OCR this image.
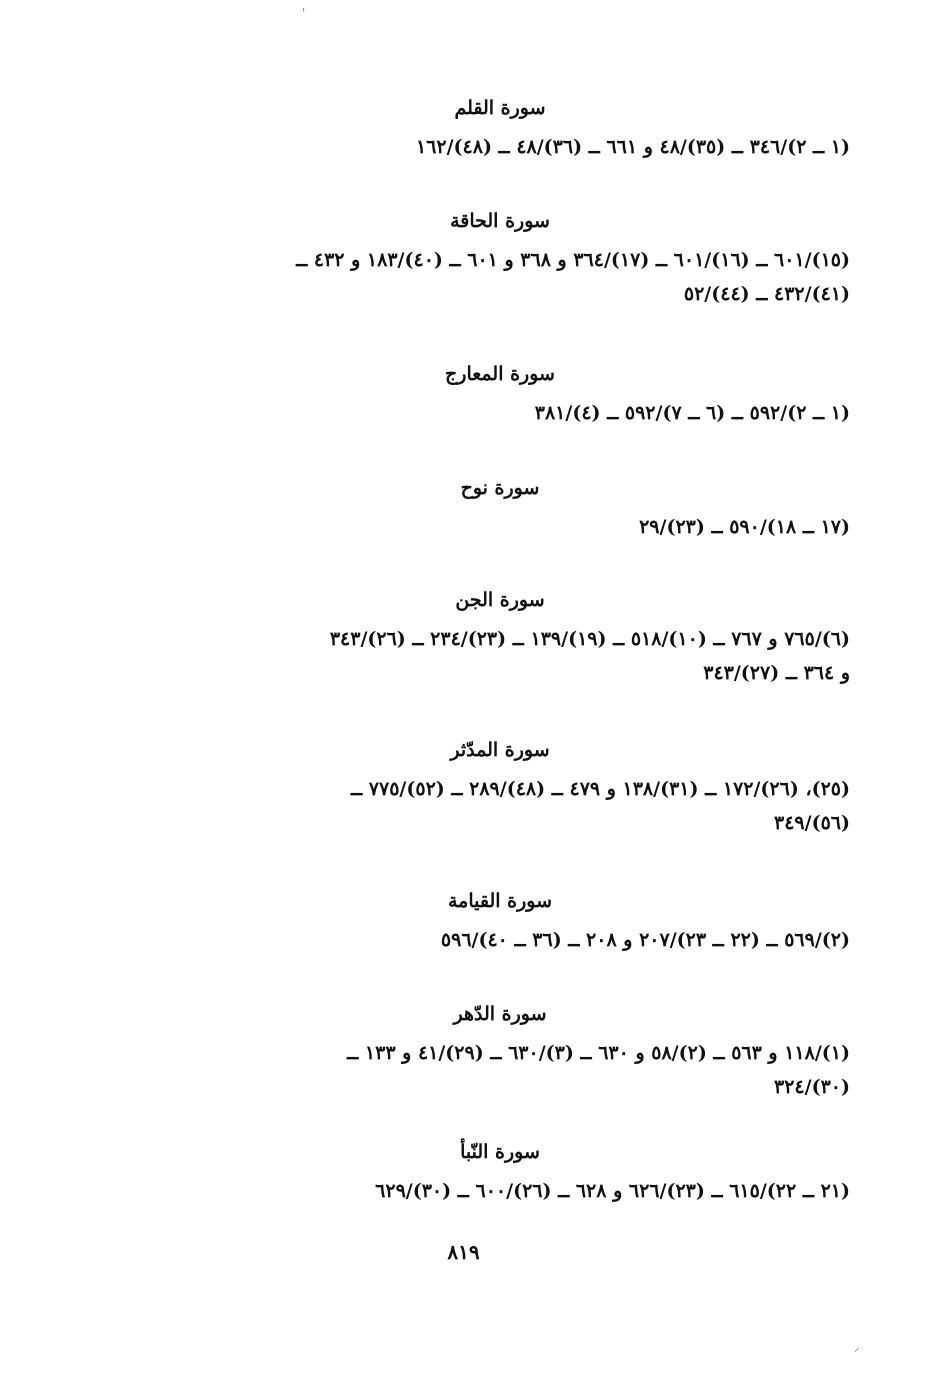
سورة القلم

(١ ــ ٢)/٣٤٦ ــ (٣٥)/٤٨ و ٦٦١ ــ (٣٦)/٤٨ ــ (٤٨)/١٦٢

سورة الحاقة

(١٥)/٦٠١ ــ (١٦)/٦٠١ ــ (١٧)/٣٦٤ و ٣٦٨ و ٦٠١ ــ (٤٠)/١٨٣ و ٤٣٢ ــ

(٤١)/٤٣٢ ــ (٤٤)/٥٢

سورة المعارج

(١ ــ ٢)/٥٩٢ ــ (٦ ــ ٧)/٥٩٢ ــ (٤)/٣٨١

سورة نوح

(١٧ ــ ١٨)/٥٩٠ ــ (٢٣)/٢٩

سورة الجن

(٦)/٧٦٥ و ٧٦٧ ــ (١٠)/٥١٨ ــ (١٩)/١٣٩ ــ (٢٣)/٢٣٤ ــ (٢٦)/٣٤٣

و ٣٦٤ ــ (٢٧)/٣٤٣

سورة المدّثر

(٢٥)، (٢٦)/١٧٢ ــ (٣١)/١٣٨ و ٤٧٩ ــ (٤٨)/٢٨٩ ــ (٥٢)/٧٧٥ ــ

(٥٦)/٣٤٩

سورة القيامة

(٢)/٥٦٩ ــ (٢٢ ــ ٢٣)/٢٠٧ و ٢٠٨ ــ (٣٦ ــ ٤٠)/٥٩٦

سورة الدّهر

(١)/١١٨ و ٥٦٣ ــ (٢)/٥٨ و ٦٣٠ ــ (٣)/٦٣٠ ــ (٢٩)/٤١ و ١٣٣ ــ

(٣٠)/٣٢٤

سورة النّبأ

(٢١ ــ ٢٢)/٦١٥ ــ (٢٣)/٦٢٦ و ٦٢٨ ــ (٢٦)/٦٠٠ ــ (٣٠)/٦٢٩

٨١٩
'
⸝
